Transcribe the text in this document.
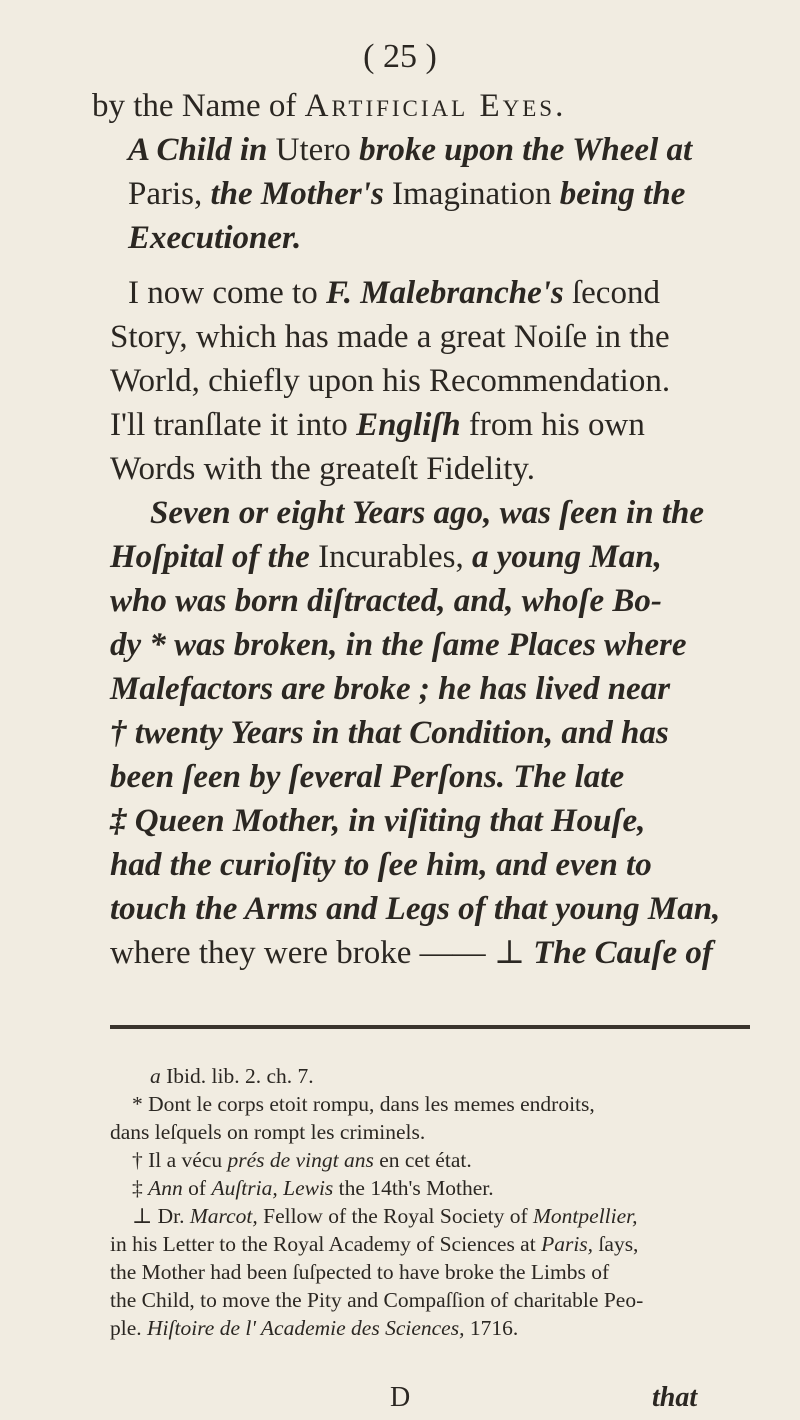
( 25 )
by the Name of Artificial Eyes.
A Child in Utero broke upon the Wheel at
Paris, the Mother's Imagination being the
Executioner.
I now come to F. Malebranche's ſecond
Story, which has made a great Noiſe in the
World, chiefly upon his Recommendation.
I'll tranſlate it into Engliſh from his own
Words with the greateſt Fidelity.
Seven or eight Years ago, was ſeen in the
Hoſpital of the Incurables, a young Man,
who was born diſtracted, and, whoſe Bo-
dy * was broken, in the ſame Places where
Malefactors are broke ; he has lived near
† twenty Years in that Condition, and has
been ſeen by ſeveral Perſons. The late
‡ Queen Mother, in viſiting that Houſe,
had the curioſity to ſee him, and even to
touch the Arms and Legs of that young Man,
where they were broke —— ⊥ The Cauſe of
a Ibid. lib. 2. ch. 7.
* Dont le corps etoit rompu, dans les memes endroits,
dans leſquels on rompt les criminels.
† Il a vécu prés de vingt ans en cet état.
‡ Ann of Auſtria, Lewis the 14th's Mother.
⊥ Dr. Marcot, Fellow of the Royal Society of Montpellier,
in his Letter to the Royal Academy of Sciences at Paris, ſays,
the Mother had been ſuſpected to have broke the Limbs of
the Child, to move the Pity and Compaſſion of charitable Peo-
ple. Hiſtoire de l' Academie des Sciences, 1716.
D	that
